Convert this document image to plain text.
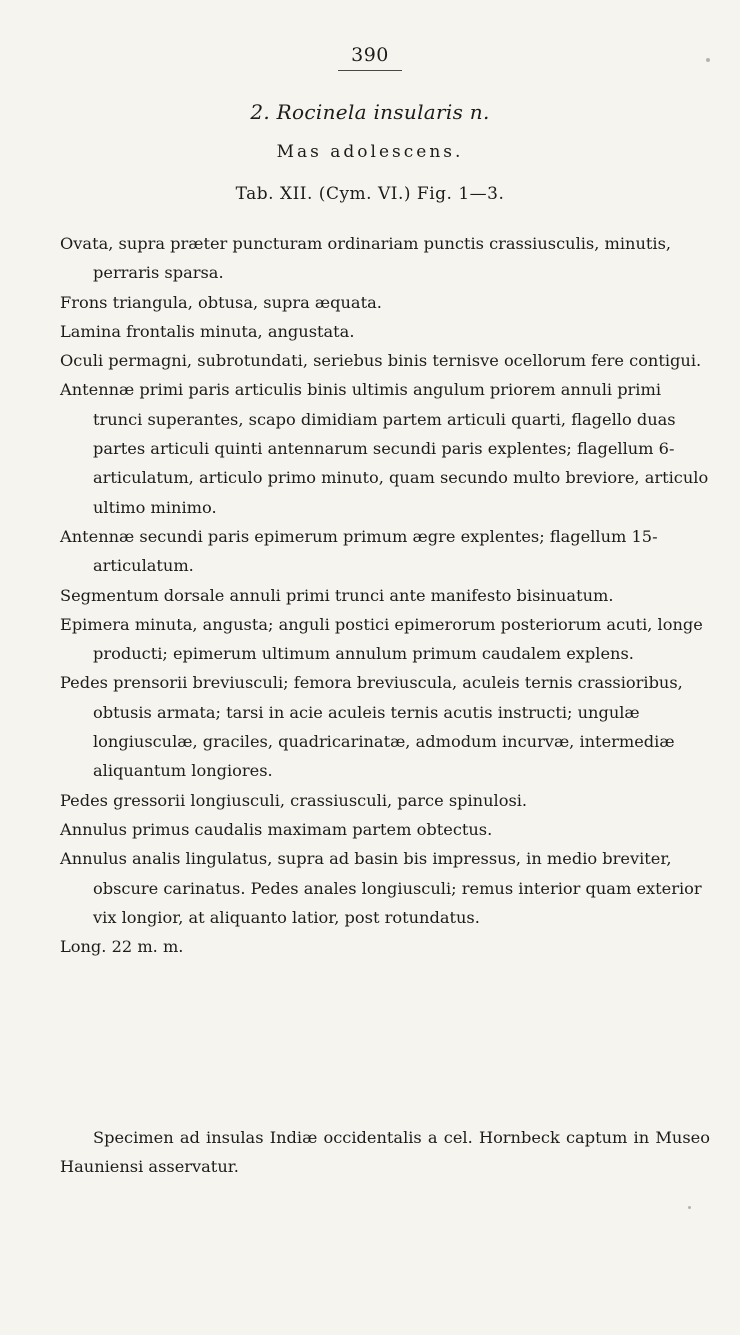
390
2. Rocinela insularis n.
Mas adolescens.
Tab. XII. (Cym. VI.) Fig. 1—3.

Ovata, supra præter puncturam ordinariam punctis crassiusculis, minutis, perraris sparsa.

Frons triangula, obtusa, supra æquata.

Lamina frontalis minuta, angustata.

Oculi permagni, subrotundati, seriebus binis ternisve ocellorum fere contigui.

Antennæ primi paris articulis binis ultimis angulum priorem annuli primi trunci superantes, scapo dimidiam partem articuli quarti, flagello duas partes articuli quinti antennarum secundi paris explentes; flagellum 6-articulatum, articulo primo minuto, quam secundo multo breviore, articulo ultimo minimo.

Antennæ secundi paris epimerum primum ægre explentes; flagellum 15-articulatum.

Segmentum dorsale annuli primi trunci ante manifesto bisinuatum.

Epimera minuta, angusta; anguli postici epimerorum posteriorum acuti, longe producti; epimerum ultimum annulum primum caudalem explens.

Pedes prensorii breviusculi; femora breviuscula, aculeis ternis crassioribus, obtusis armata; tarsi in acie aculeis ternis acutis instructi; ungulæ longiusculæ, graciles, quadricarinatæ, admodum incurvæ, intermediæ aliquantum longiores.

Pedes gressorii longiusculi, crassiusculi, parce spinulosi.

Annulus primus caudalis maximam partem obtectus.

Annulus analis lingulatus, supra ad basin bis impressus, in medio breviter, obscure carinatus. Pedes anales longiusculi; remus interior quam exterior vix longior, at aliquanto latior, post rotundatus.

Long. 22 m. m.

Specimen ad insulas Indiæ occidentalis a cel. Hornbeck captum in Museo Hauniensi asservatur.
